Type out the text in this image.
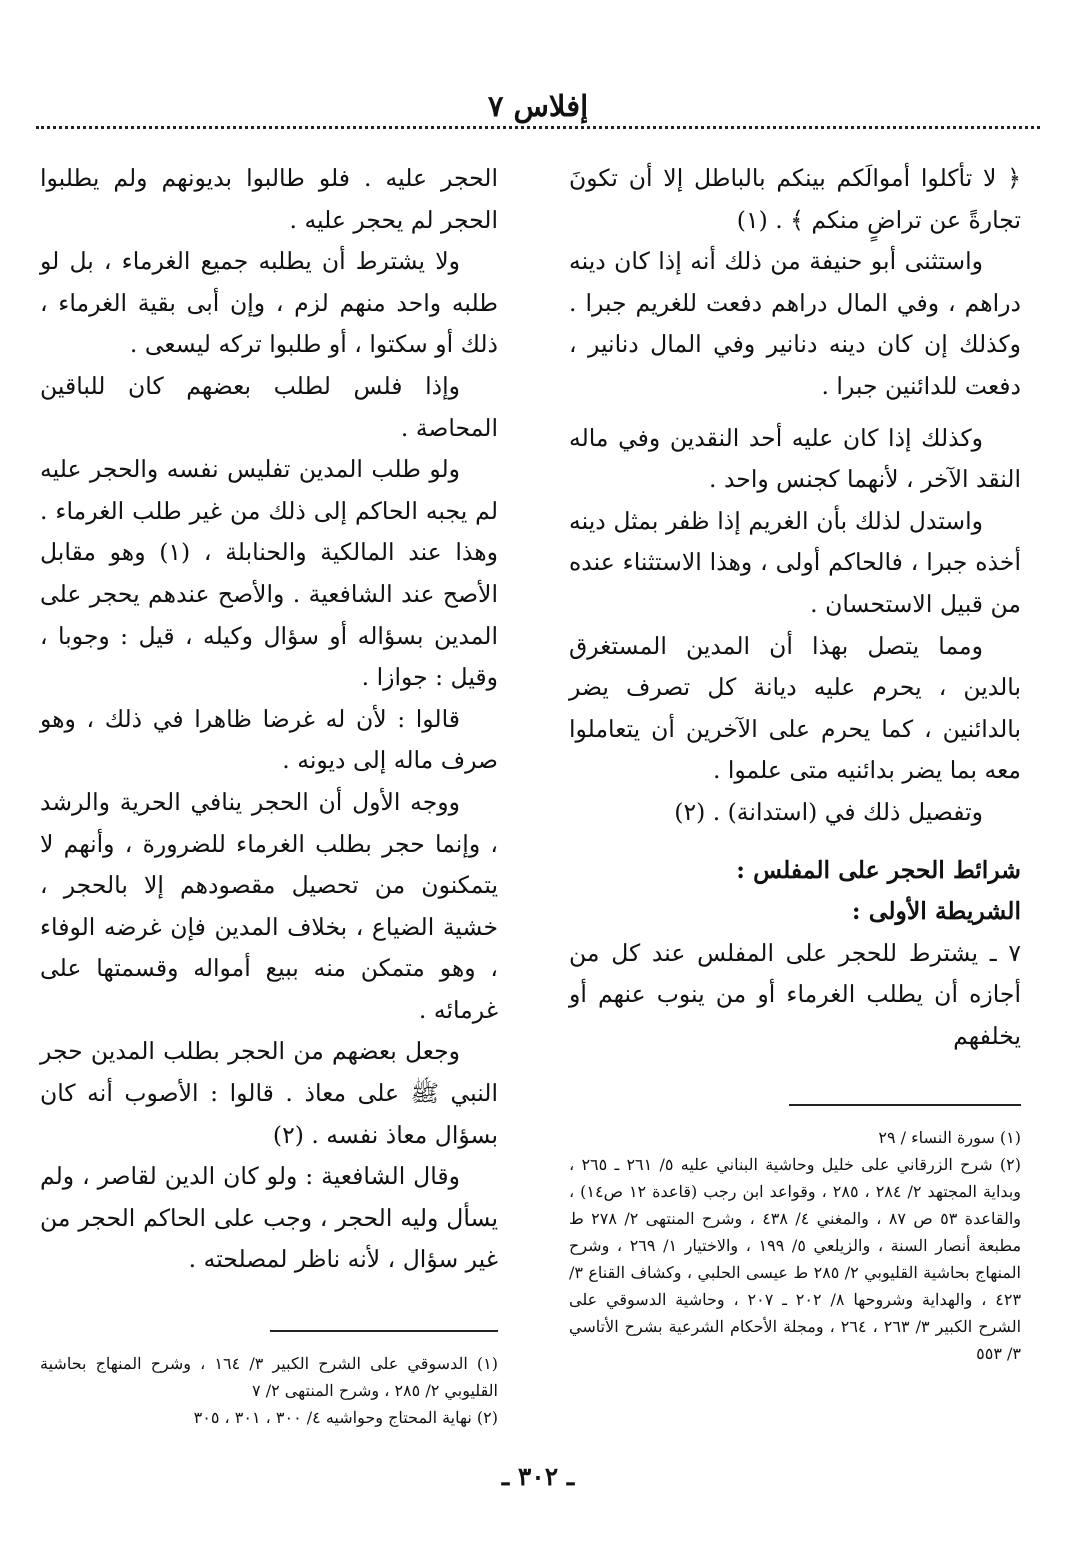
إفلاس ٧

﴿ لا تأكلوا أموالَكم بينكم بالباطل إلا أن تكونَ تجارةً عن تراضٍ منكم ﴾ . (١)

واستثنى أبو حنيفة من ذلك أنه إذا كان دينه دراهم ، وفي المال دراهم دفعت للغريم جبرا . وكذلك إن كان دينه دنانير وفي المال دنانير ، دفعت للدائنين جبرا .

وكذلك إذا كان عليه أحد النقدين وفي ماله النقد الآخر ، لأنهما كجنس واحد .

واستدل لذلك بأن الغريم إذا ظفر بمثل دينه أخذه جبرا ، فالحاكم أولى ، وهذا الاستثناء عنده من قبيل الاستحسان .

ومما يتصل بهذا أن المدين المستغرق بالدين ، يحرم عليه ديانة كل تصرف يضر بالدائنين ، كما يحرم على الآخرين أن يتعاملوا معه بما يضر بدائنيه متى علموا .

وتفصيل ذلك في (استدانة) . (٢)

شرائط الحجر على المفلس :

الشريطة الأولى :

٧ ـ يشترط للحجر على المفلس عند كل من أجازه أن يطلب الغرماء أو من ينوب عنهم أو يخلفهم

(١) سورة النساء / ٢٩

(٢) شرح الزرقاني على خليل وحاشية البناني عليه ٥/ ٢٦١ ـ ٢٦٥ ، وبداية المجتهد ٢/ ٢٨٤ ، ٢٨٥ ، وقواعد ابن رجب (قاعدة ١٢ ص١٤) ، والقاعدة ٥٣ ص ٨٧ ، والمغني ٤/ ٤٣٨ ، وشرح المنتهى ٢/ ٢٧٨ ط مطبعة أنصار السنة ، والزيلعي ٥/ ١٩٩ ، والاختيار ١/ ٢٦٩ ، وشرح المنهاج بحاشية القليوبي ٢/ ٢٨٥ ط عيسى الحلبي ، وكشاف القناع ٣/ ٤٢٣ ، والهداية وشروحها ٨/ ٢٠٢ ـ ٢٠٧ ، وحاشية الدسوقي على الشرح الكبير ٣/ ٢٦٣ ، ٢٦٤ ، ومجلة الأحكام الشرعية بشرح الأتاسي ٣/ ٥٥٣

الحجر عليه . فلو طالبوا بديونهم ولم يطلبوا الحجر لم يحجر عليه .

ولا يشترط أن يطلبه جميع الغرماء ، بل لو طلبه واحد منهم لزم ، وإن أبى بقية الغرماء ، ذلك أو سكتوا ، أو طلبوا تركه ليسعى .

وإذا فلس لطلب بعضهم كان للباقين المحاصة .

ولو طلب المدين تفليس نفسه والحجر عليه لم يجبه الحاكم إلى ذلك من غير طلب الغرماء . وهذا عند المالكية والحنابلة ، (١) وهو مقابل الأصح عند الشافعية . والأصح عندهم يحجر على المدين بسؤاله أو سؤال وكيله ، قيل : وجوبا ، وقيل : جوازا .

قالوا : لأن له غرضا ظاهرا في ذلك ، وهو صرف ماله إلى ديونه .

ووجه الأول أن الحجر ينافي الحرية والرشد ، وإنما حجر بطلب الغرماء للضرورة ، وأنهم لا يتمكنون من تحصيل مقصودهم إلا بالحجر ، خشية الضياع ، بخلاف المدين فإن غرضه الوفاء ، وهو متمكن منه ببيع أمواله وقسمتها على غرمائه .

وجعل بعضهم من الحجر بطلب المدين حجر النبي ﷺ على معاذ . قالوا : الأصوب أنه كان بسؤال معاذ نفسه . (٢)

وقال الشافعية : ولو كان الدين لقاصر ، ولم يسأل وليه الحجر ، وجب على الحاكم الحجر من غير سؤال ، لأنه ناظر لمصلحته .

(١) الدسوقي على الشرح الكبير ٣/ ١٦٤ ، وشرح المنهاج بحاشية القليوبي ٢/ ٢٨٥ ، وشرح المنتهى ٢/ ٧

(٢) نهاية المحتاج وحواشيه ٤/ ٣٠٠ ، ٣٠١ ، ٣٠٥

ـ ٣٠٢ ـ
